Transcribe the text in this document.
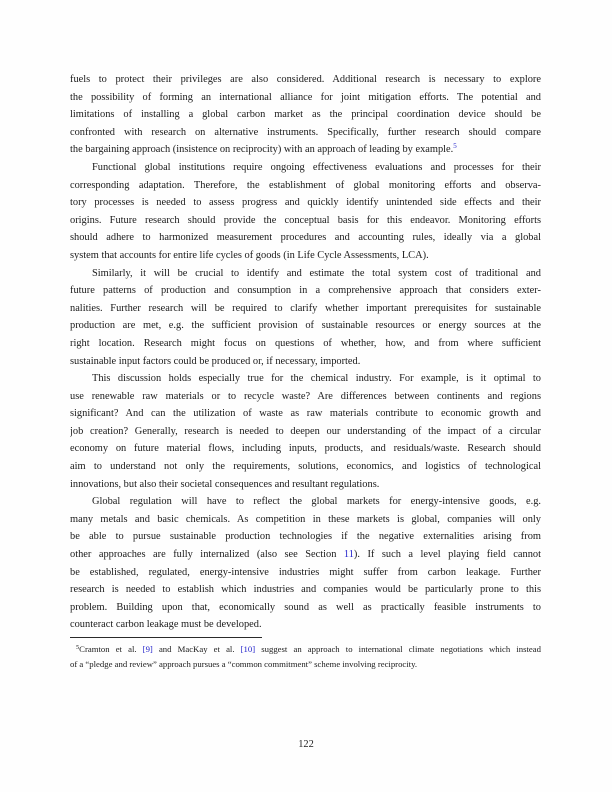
fuels to protect their privileges are also considered. Additional research is necessary to explore
the possibility of forming an international alliance for joint mitigation efforts. The potential and
limitations of installing a global carbon market as the principal coordination device should be
confronted with research on alternative instruments. Specifically, further research should compare
the bargaining approach (insistence on reciprocity) with an approach of leading by example.$^5$
Functional global institutions require ongoing effectiveness evaluations and processes for their
corresponding adaptation. Therefore, the establishment of global monitoring efforts and observa-
tory processes is needed to assess progress and quickly identify unintended side effects and their
origins. Future research should provide the conceptual basis for this endeavor. Monitoring efforts
should adhere to harmonized measurement procedures and accounting rules, ideally via a global
system that accounts for entire life cycles of goods (in Life Cycle Assessments, LCA).
Similarly, it will be crucial to identify and estimate the total system cost of traditional and
future patterns of production and consumption in a comprehensive approach that considers exter-
nalities. Further research will be required to clarify whether important prerequisites for sustainable
production are met, e.g. the sufficient provision of sustainable resources or energy sources at the
right location. Research might focus on questions of whether, how, and from where sufficient
sustainable input factors could be produced or, if necessary, imported.
This discussion holds especially true for the chemical industry. For example, is it optimal to
use renewable raw materials or to recycle waste? Are differences between continents and regions
significant? And can the utilization of waste as raw materials contribute to economic growth and
job creation? Generally, research is needed to deepen our understanding of the impact of a circular
economy on future material flows, including inputs, products, and residuals/waste. Research should
aim to understand not only the requirements, solutions, economics, and logistics of technological
innovations, but also their societal consequences and resultant regulations.
Global regulation will have to reflect the global markets for energy-intensive goods, e.g.
many metals and basic chemicals. As competition in these markets is global, companies will only
be able to pursue sustainable production technologies if the negative externalities arising from
other approaches are fully internalized (also see Section 11). If such a level playing field cannot
be established, regulated, energy-intensive industries might suffer from carbon leakage. Further
research is needed to establish which industries and companies would be particularly prone to this
problem. Building upon that, economically sound as well as practically feasible instruments to
counteract carbon leakage must be developed.
$^5$Cramton et al. [9] and MacKay et al. [10] suggest an approach to international climate negotiations which instead
of a “pledge and review” approach pursues a “common commitment” scheme involving reciprocity.
122
